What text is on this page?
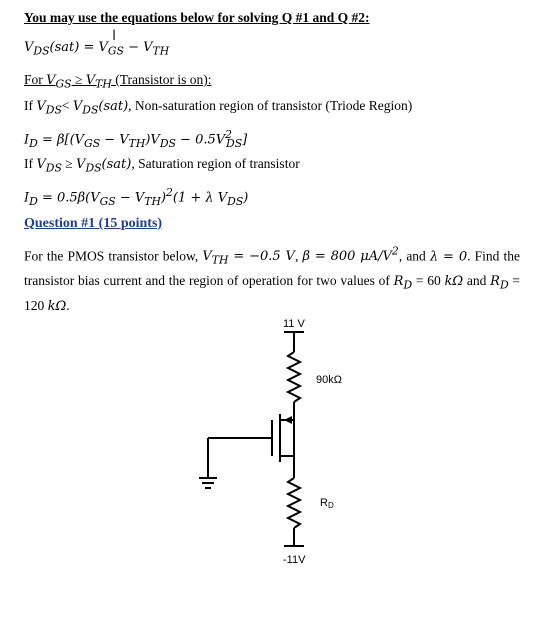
You may use the equations below for solving Q #1 and Q #2:
I
$V_{DS}(sat) = V_{GS} - V_{TH}$
For $V_{GS} \ge V_{TH}$ (Transistor is on):
If $V_{DS}< V_{DS}(sat)$, Non-saturation region of transistor (Triode Region)
$I_D = \beta[(V_{GS} - V_{TH})V_{DS} - 0.5V^2_{DS}]$
If $V_{DS} \ge V_{DS}(sat)$, Saturation region of transistor
$I_D = 0.5\beta(V_{GS} - V_{TH})^2(1 + \lambda$ $V_{DS}$)
Question #1 (15 points)
For the PMOS transistor below, $V_{TH} = -0.5$ V, β = 800 $\mu A/V^2$, and λ = 0. Find the transistor bias current and the region of operation for two values of $R_D = 60$ kΩ and $R_D = 120$ kΩ.
11 V
90kΩ
RD
-11V
